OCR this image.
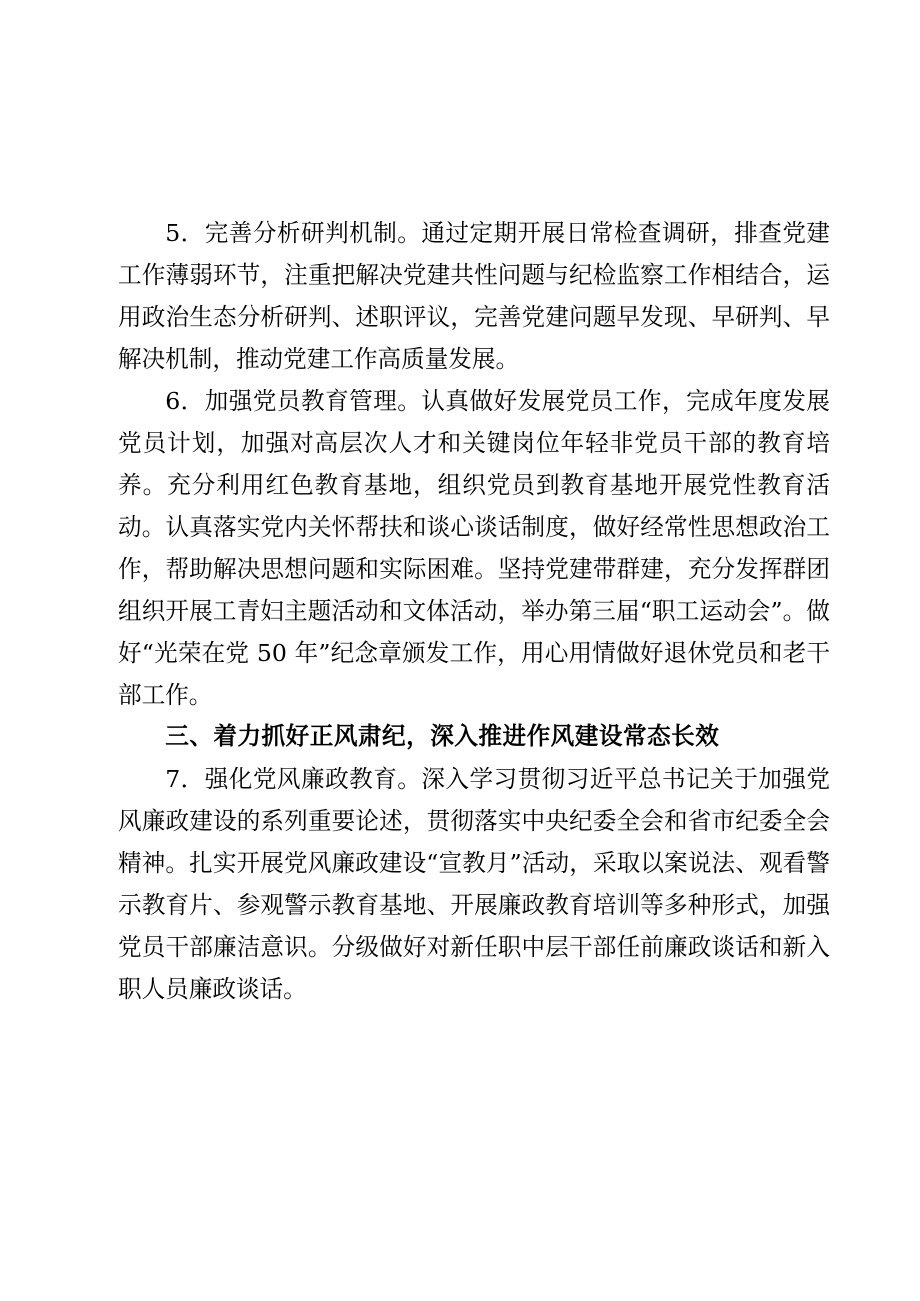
5．完善分析研判机制。通过定期开展日常检查调研，排查党建工作薄弱环节，注重把解决党建共性问题与纪检监察工作相结合，运用政治生态分析研判、述职评议，完善党建问题早发现、早研判、早解决机制，推动党建工作高质量发展。

6．加强党员教育管理。认真做好发展党员工作，完成年度发展党员计划，加强对高层次人才和关键岗位年轻非党员干部的教育培养。充分利用红色教育基地，组织党员到教育基地开展党性教育活动。认真落实党内关怀帮扶和谈心谈话制度，做好经常性思想政治工作，帮助解决思想问题和实际困难。坚持党建带群建，充分发挥群团组织开展工青妇主题活动和文体活动，举办第三届“职工运动会”。做好“光荣在党 50 年”纪念章颁发工作，用心用情做好退休党员和老干部工作。

三、着力抓好正风肃纪，深入推进作风建设常态长效

7．强化党风廉政教育。深入学习贯彻习近平总书记关于加强党风廉政建设的系列重要论述，贯彻落实中央纪委全会和省市纪委全会精神。扎实开展党风廉政建设“宣教月”活动，采取以案说法、观看警示教育片、参观警示教育基地、开展廉政教育培训等多种形式，加强党员干部廉洁意识。分级做好对新任职中层干部任前廉政谈话和新入职人员廉政谈话。
